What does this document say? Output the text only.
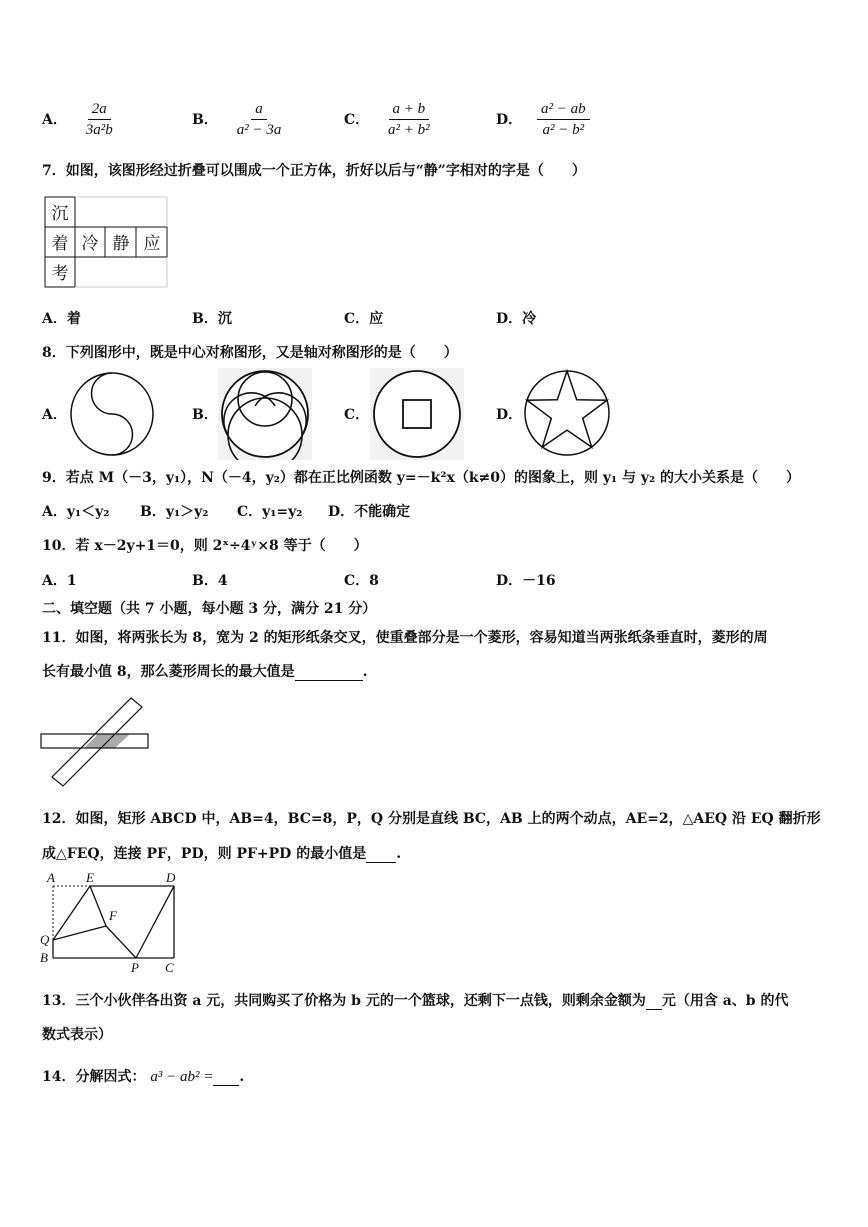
A． $\frac{2a}{\text{3a²b}}$	B． $\frac{a}{\text{a² − 3a}}$	C． $\frac{a + b}{\text{a² + b²}}$	D． $\frac{\text{a² − ab}}{\text{a² − b²}}$
7．如图，该图形经过折叠可以围成一个正方体，折好以后与“静”字相对的字是（　　）
沉
着 冷 静 应
考
A．着	B．沉	C．应	D．冷
8．下列图形中，既是中心对称图形，又是轴对称图形的是（　　）
A．	B．	C．	D．
9．若点 M（－3，y₁），N（－4，y₂）都在正比例函数 y=－k²x（k≠0）的图象上，则 y₁ 与 y₂ 的大小关系是（　　）
A．y₁＜y₂ B．y₁＞y₂ C．y₁=y₂ D．不能确定
10．若 x－2y+1＝0，则 2ˣ÷4ʸ×8 等于（　　）
A．1	B．4	C．8	D．－16
二、填空题（共 7 小题，每小题 3 分，满分 21 分）
11．如图，将两张长为 8，宽为 2 的矩形纸条交叉，使重叠部分是一个菱形，容易知道当两张纸条垂直时，菱形的周
长有最小值 8，那么菱形周长的最大值是	.
12．如图，矩形 ABCD 中，AB=4，BC=8，P，Q 分别是直线 BC，AB 上的两个动点，AE=2，△AEQ 沿 EQ 翻折形
成△FEQ，连接 PF，PD，则 PF+PD 的最小值是 .
A E	D
F
Q
B
P C
13．三个小伙伴各出资 a 元，共同购买了价格为 b 元的一个篮球，还剩下一点钱，则剩余金额为 元（用含 a、b 的代
数式表示）
14．分解因式： a³ − ab² = .
